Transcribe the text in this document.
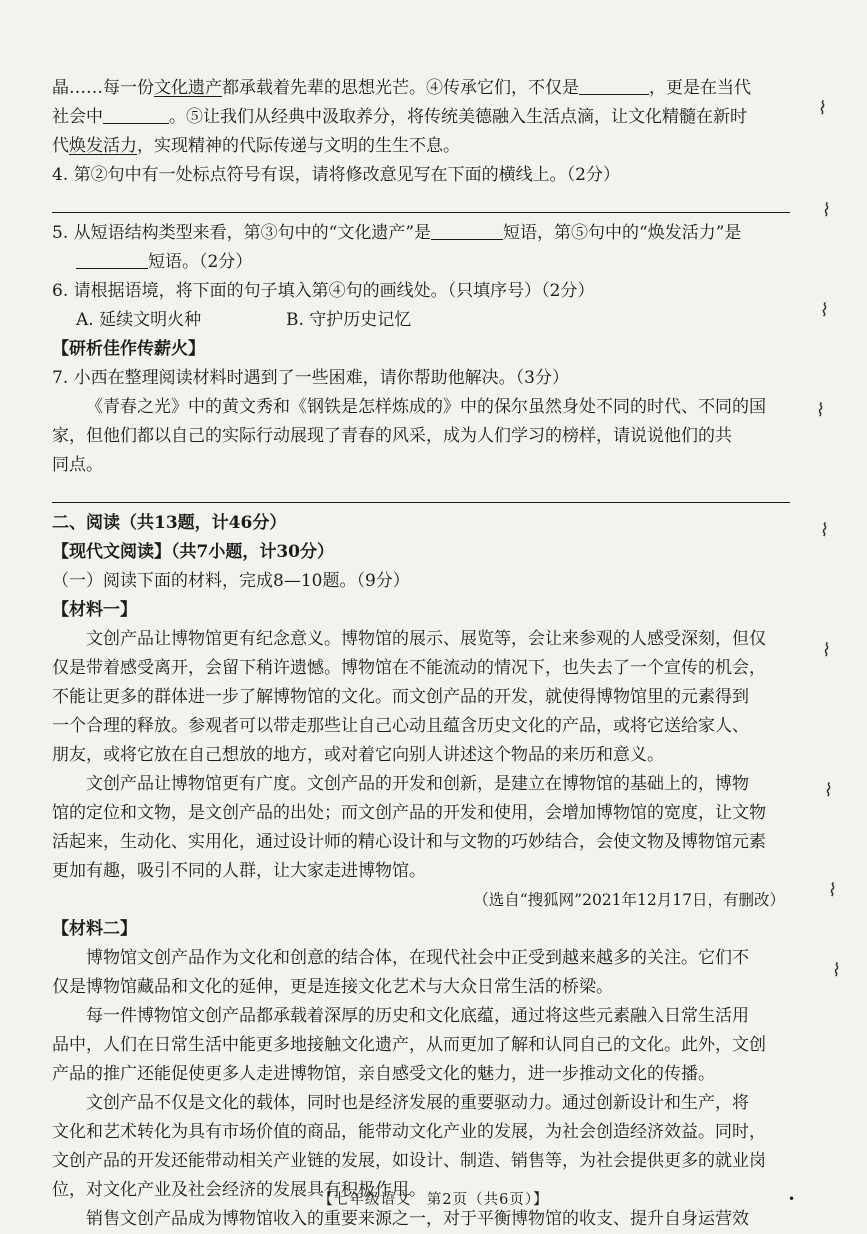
晶……每一份文化遗产都承载着先辈的思想光芒。④传承它们，不仅是	，更是在当代
社会中	。⑤让我们从经典中汲取养分，将传统美德融入生活点滴，让文化精髓在新时
代焕发活力，实现精神的代际传递与文明的生生不息。
4. 第②句中有一处标点符号有误，请将修改意见写在下面的横线上。（2分）
5. 从短语结构类型来看，第③句中的“文化遗产”是	短语，第⑤句中的“焕发活力”是
短语。（2分）
6. 请根据语境，将下面的句子填入第④句的画线处。（只填序号）（2分）
A. 延续文明火种	B. 守护历史记忆
【研析佳作传薪火】
7. 小西在整理阅读材料时遇到了一些困难，请你帮助他解决。（3分）
《青春之光》中的黄文秀和《钢铁是怎样炼成的》中的保尔虽然身处不同的时代、不同的国
家，但他们都以自己的实际行动展现了青春的风采，成为人们学习的榜样，请说说他们的共
同点。
二、阅读（共13题，计46分）
【现代文阅读】（共7小题，计30分）
（一）阅读下面的材料，完成8—10题。（9分）
【材料一】
文创产品让博物馆更有纪念意义。博物馆的展示、展览等，会让来参观的人感受深刻，但仅
仅是带着感受离开，会留下稍许遗憾。博物馆在不能流动的情况下，也失去了一个宣传的机会，
不能让更多的群体进一步了解博物馆的文化。而文创产品的开发，就使得博物馆里的元素得到
一个合理的释放。参观者可以带走那些让自己心动且蕴含历史文化的产品，或将它送给家人、
朋友，或将它放在自己想放的地方，或对着它向别人讲述这个物品的来历和意义。
文创产品让博物馆更有广度。文创产品的开发和创新，是建立在博物馆的基础上的，博物
馆的定位和文物，是文创产品的出处；而文创产品的开发和使用，会增加博物馆的宽度，让文物
活起来，生动化、实用化，通过设计师的精心设计和与文物的巧妙结合，会使文物及博物馆元素
更加有趣，吸引不同的人群，让大家走进博物馆。
（选自“搜狐网”2021年12月17日，有删改）
【材料二】
博物馆文创产品作为文化和创意的结合体，在现代社会中正受到越来越多的关注。它们不
仅是博物馆藏品和文化的延伸，更是连接文化艺术与大众日常生活的桥梁。
每一件博物馆文创产品都承载着深厚的历史和文化底蕴，通过将这些元素融入日常生活用
品中，人们在日常生活中能更多地接触文化遗产，从而更加了解和认同自己的文化。此外，文创
产品的推广还能促使更多人走进博物馆，亲自感受文化的魅力，进一步推动文化的传播。
文创产品不仅是文化的载体，同时也是经济发展的重要驱动力。通过创新设计和生产，将
文化和艺术转化为具有市场价值的商品，能带动文化产业的发展，为社会创造经济效益。同时，
文创产品的开发还能带动相关产业链的发展，如设计、制造、销售等，为社会提供更多的就业岗
位，对文化产业及社会经济的发展具有积极作用。
销售文创产品成为博物馆收入的重要来源之一，对于平衡博物馆的收支、提升自身运营效
⌇
⌇
⌇
⌇
⌇
⌇
⌇
⌇
⌇
【七年级语文　第2页（共6页）】	•
